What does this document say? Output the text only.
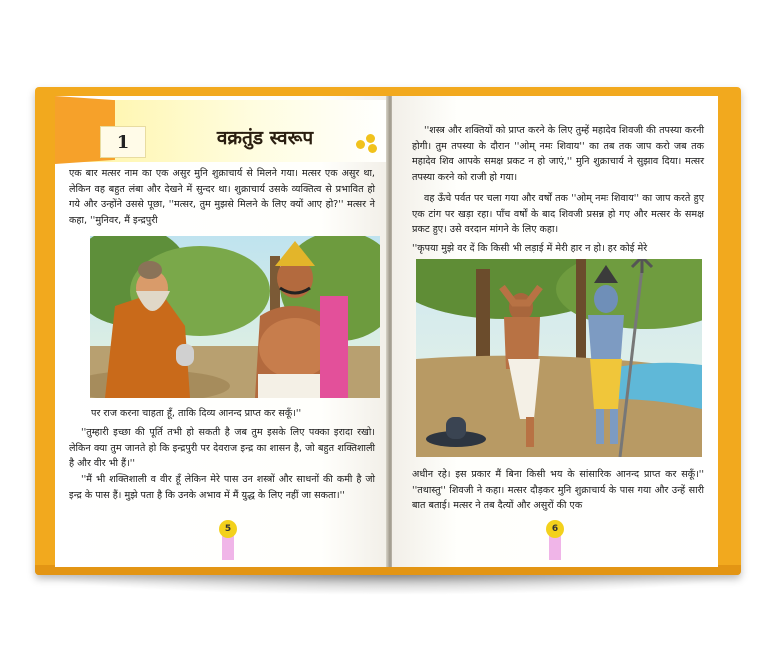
1	वक्रतुंड स्वरूप

एक बार मत्सर नाम का एक असुर मुनि शुक्राचार्य से मिलने गया। मत्सर एक असुर था, लेकिन वह बहुत लंबा और देखने में सुन्दर था। शुक्राचार्य उसके व्यक्तित्व से प्रभावित हो गये और उन्होंने उससे पूछा, ''मत्सर, तुम मुझसे मिलने के लिए क्यों आए हो?'' मत्सर ने कहा, ''मुनिवर, मैं इन्द्रपुरी

पर राज करना चाहता हूँ, ताकि दिव्य आनन्द प्राप्त कर सकूँ।''

''तुम्हारी इच्छा की पूर्ति तभी हो सकती है जब तुम इसके लिए पक्का इरादा रखो। लेकिन क्या तुम जानते हो कि इन्द्रपुरी पर देवराज इन्द्र का शासन है, जो बहुत शक्तिशाली है और वीर भी हैं।''

''मैं भी शक्तिशाली व वीर हूँ लेकिन मेरे पास उन शस्त्रों और साधनों की कमी है जो इन्द्र के पास हैं। मुझे पता है कि उनके अभाव में मैं युद्ध के लिए नहीं जा सकता।''

5

''शस्त्र और शक्तियों को प्राप्त करने के लिए तुम्हें महादेव शिवजी की तपस्या करनी होगी। तुम तपस्या के दौरान ''ओम् नमः शिवाय'' का तब तक जाप करो जब तक महादेव शिव आपके समक्ष प्रकट न हो जाएं,'' मुनि शुक्राचार्य ने सुझाव दिया। मत्सर तपस्या करने को राजी हो गया।

वह ऊँचे पर्वत पर चला गया और वर्षों तक ''ओम् नमः शिवाय'' का जाप करते हुए एक टांग पर खड़ा रहा। पाँच वर्षों के बाद शिवजी प्रसन्न हो गए और मत्सर के समक्ष प्रकट हुए। उसे वरदान मांगने के लिए कहा।

''कृपया मुझे वर दें कि किसी भी लड़ाई में मेरी हार न हो। हर कोई मेरे

अधीन रहे। इस प्रकार मैं बिना किसी भय के सांसारिक आनन्द प्राप्त कर सकूँ।'' ''तथास्तु'' शिवजी ने कहा। मत्सर दौड़कर मुनि शुक्राचार्य के पास गया और उन्हें सारी बात बताई। मत्सर ने तब दैत्यों और असुरों की एक

6
